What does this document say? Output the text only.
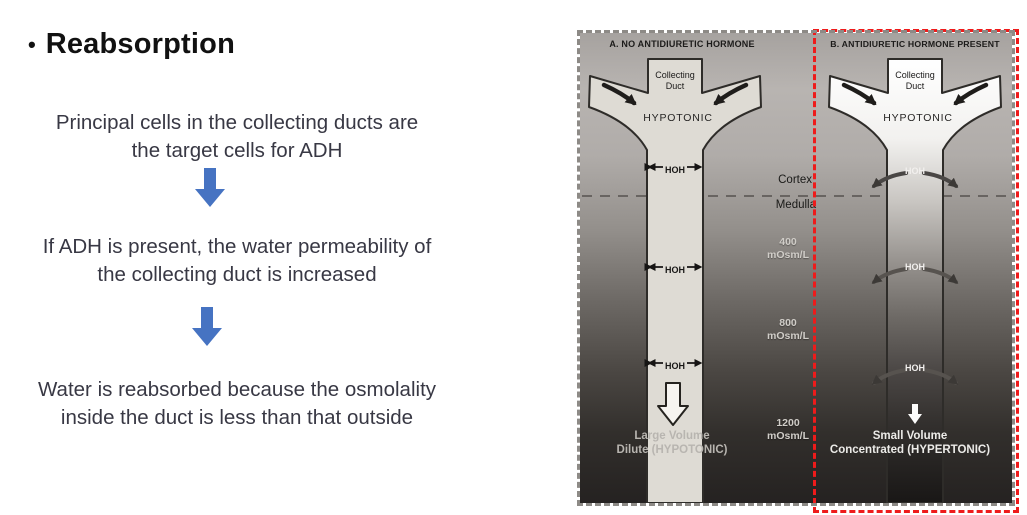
• Reabsorption
Principal cells in the collecting ducts are
the target cells for ADH
If ADH is present, the water permeability of
the collecting duct is increased
Water is reabsorbed because the osmolality
inside the duct is less than that outside
A. NO ANTIDIURETIC HORMONE	B. ANTIDIURETIC HORMONE PRESENT
Collecting
Duct
Collecting
Duct
HYPOTONIC	HYPOTONIC
Cortex
Medulla
400
mOsm/L
800
mOsm/L
1200
mOsm/L
HOH
HOH
HOH
HOH
HOH
HOH
Large Volume
Dilute (HYPOTONIC)
Small Volume
Concentrated (HYPERTONIC)
